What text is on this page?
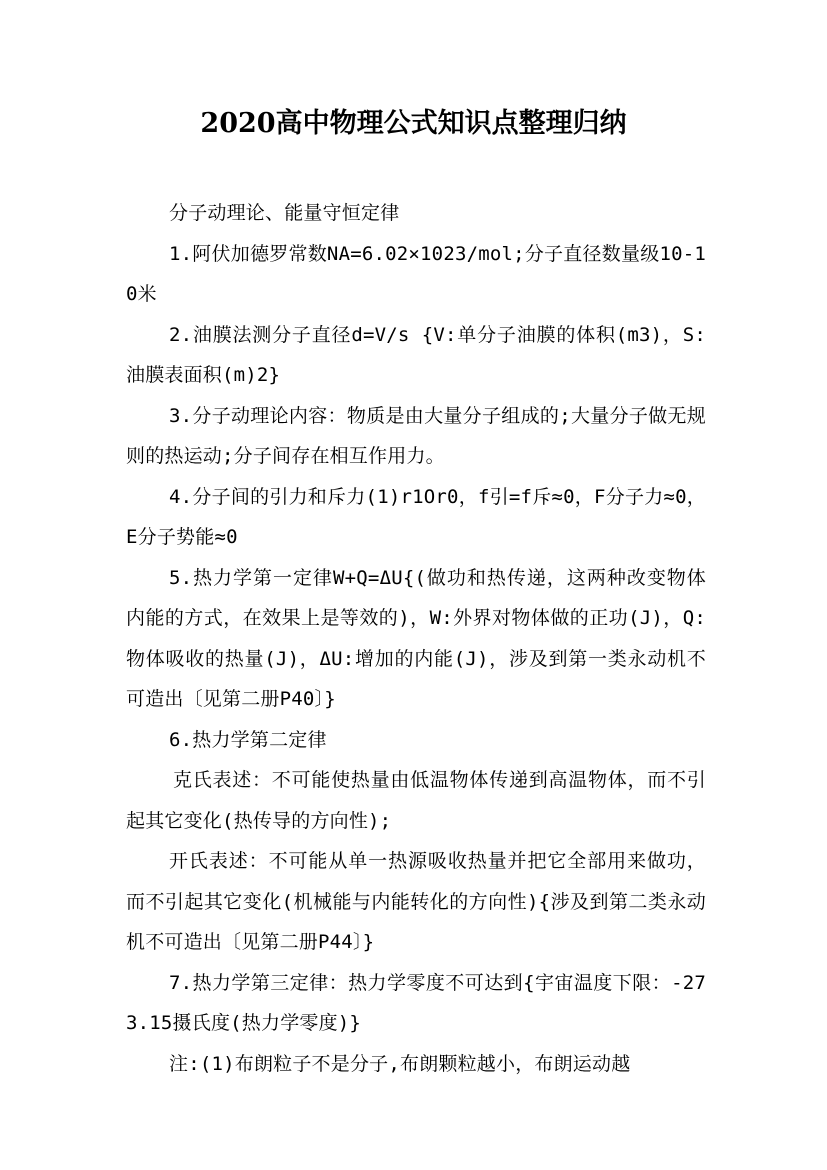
2020高中物理公式知识点整理归纳

分子动理论、能量守恒定律

1.阿伏加德罗常数NA=6.02×1023/mol;分子直径数量级10-10米

2.油膜法测分子直径d=V/s {V:单分子油膜的体积(m3)，S:油膜表面积(m)2}

3.分子动理论内容：物质是由大量分子组成的;大量分子做无规则的热运动;分子间存在相互作用力。

4.分子间的引力和斥力(1)r1Or0，f引=f斥≈0，F分子力≈0，E分子势能≈0

5.热力学第一定律W+Q=ΔU{(做功和热传递，这两种改变物体内能的方式，在效果上是等效的)，W:外界对物体做的正功(J)，Q:物体吸收的热量(J)，ΔU:增加的内能(J)，涉及到第一类永动机不可造出〔见第二册P40〕}

6.热力学第二定律

克氏表述：不可能使热量由低温物体传递到高温物体，而不引起其它变化(热传导的方向性);

开氏表述：不可能从单一热源吸收热量并把它全部用来做功，而不引起其它变化(机械能与内能转化的方向性){涉及到第二类永动机不可造出〔见第二册P44〕}

7.热力学第三定律：热力学零度不可达到{宇宙温度下限：-273.15摄氏度(热力学零度)}

注:(1)布朗粒子不是分子,布朗颗粒越小，布朗运动越
